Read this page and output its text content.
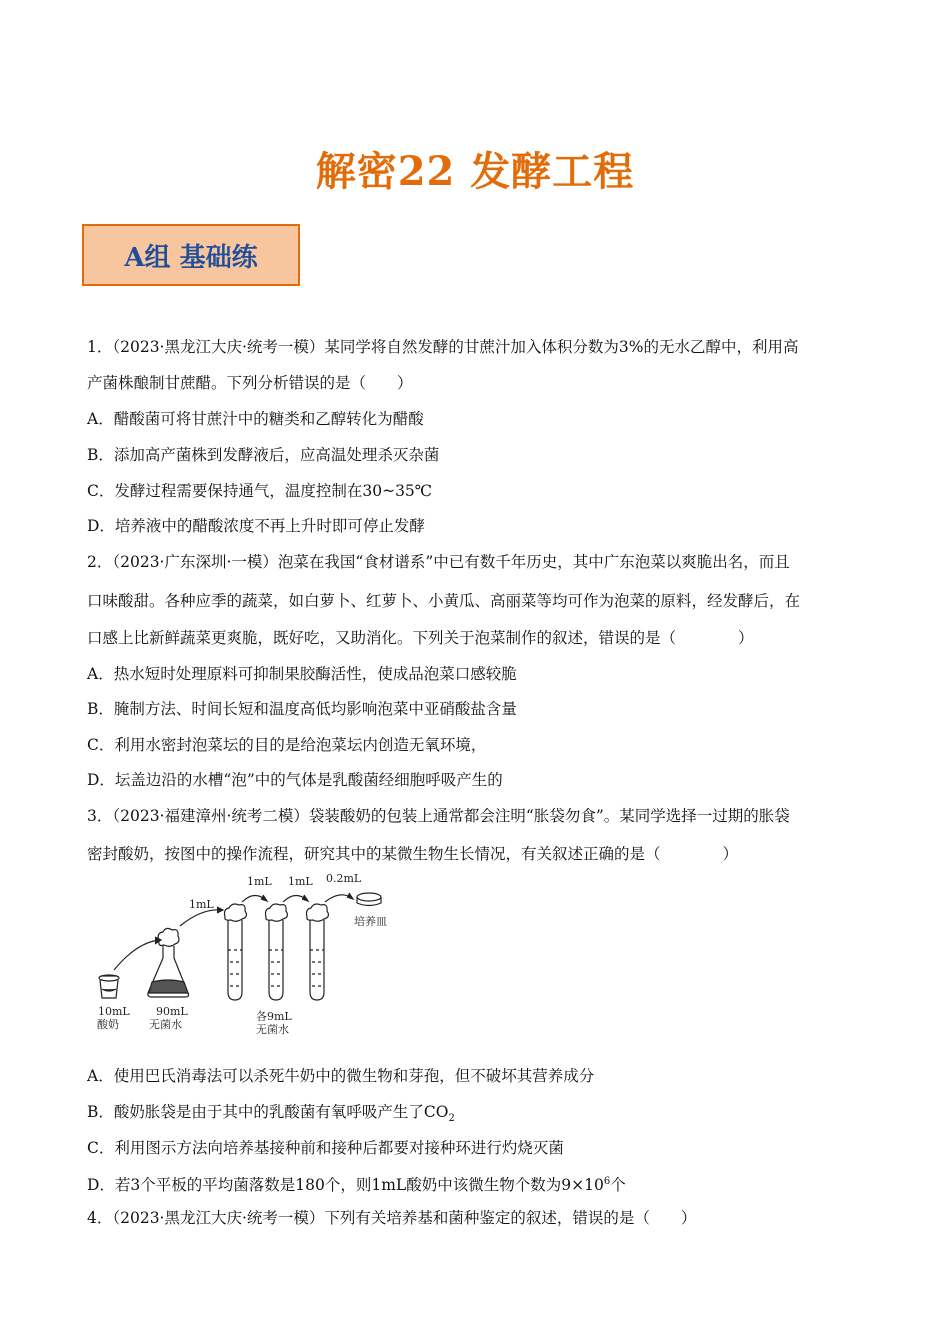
解密22 发酵工程
A组 基础练
1．（2023·黑龙江大庆·统考一模）某同学将自然发酵的甘蔗汁加入体积分数为3%的无水乙醇中，利用高
产菌株酿制甘蔗醋。下列分析错误的是（　　）
A．醋酸菌可将甘蔗汁中的糖类和乙醇转化为醋酸
B．添加高产菌株到发酵液后，应高温处理杀灭杂菌
C．发酵过程需要保持通气，温度控制在30~35℃
D．培养液中的醋酸浓度不再上升时即可停止发酵
2．（2023·广东深圳·一模）泡菜在我国“食材谱系”中已有数千年历史，其中广东泡菜以爽脆出名，而且
口味酸甜。各种应季的蔬菜，如白萝卜、红萝卜、小黄瓜、高丽菜等均可作为泡菜的原料，经发酵后，在
口感上比新鲜蔬菜更爽脆，既好吃，又助消化。下列关于泡菜制作的叙述，错误的是（　　　　）
A．热水短时处理原料可抑制果胶酶活性，使成品泡菜口感较脆
B．腌制方法、时间长短和温度高低均影响泡菜中亚硝酸盐含量
C．利用水密封泡菜坛的目的是给泡菜坛内创造无氧环境，
D．坛盖边沿的水槽“泡”中的气体是乳酸菌经细胞呼吸产生的
3．（2023·福建漳州·统考二模）袋装酸奶的包装上通常都会注明“胀袋勿食”。某同学选择一过期的胀袋
密封酸奶，按图中的操作流程，研究其中的某微生物生长情况，有关叙述正确的是（　　　　）
10mL
酸奶
90mL
无菌水
各9mL
无菌水
1mL
1mL 1mL 0.2mL
培养皿
A．使用巴氏消毒法可以杀死牛奶中的微生物和芽孢，但不破坏其营养成分
B．酸奶胀袋是由于其中的乳酸菌有氧呼吸产生了$CO_2$
C．利用图示方法向培养基接种前和接种后都要对接种环进行灼烧灭菌
D．若3个平板的平均菌落数是180个，则1mL酸奶中该微生物个数为$9\times 10^6$个
4．（2023·黑龙江大庆·统考一模）下列有关培养基和菌种鉴定的叙述，错误的是（　　）
